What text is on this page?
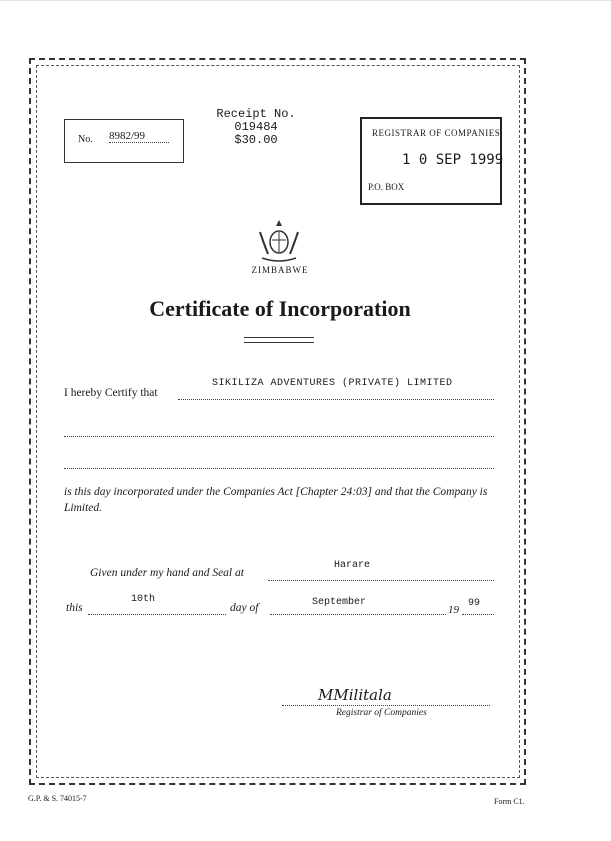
Receipt No. 019484
$30.00
No. 8982/99	REGISTRAR OF COMPANIES
1 0 SEP 1999
P.O. BOX
ZIMBABWE
Certificate of Incorporation
I hereby Certify that
SIKILIZA ADVENTURES (PRIVATE) LIMITED
is this day incorporated under the Companies Act [Chapter 24:03] and that the Company is Limited.
Given under my hand and Seal at
Harare
this
10th
day of	September
19
99
MMilitala
Registrar of Companies
G.P. & S. 74015-7	Form C1.
